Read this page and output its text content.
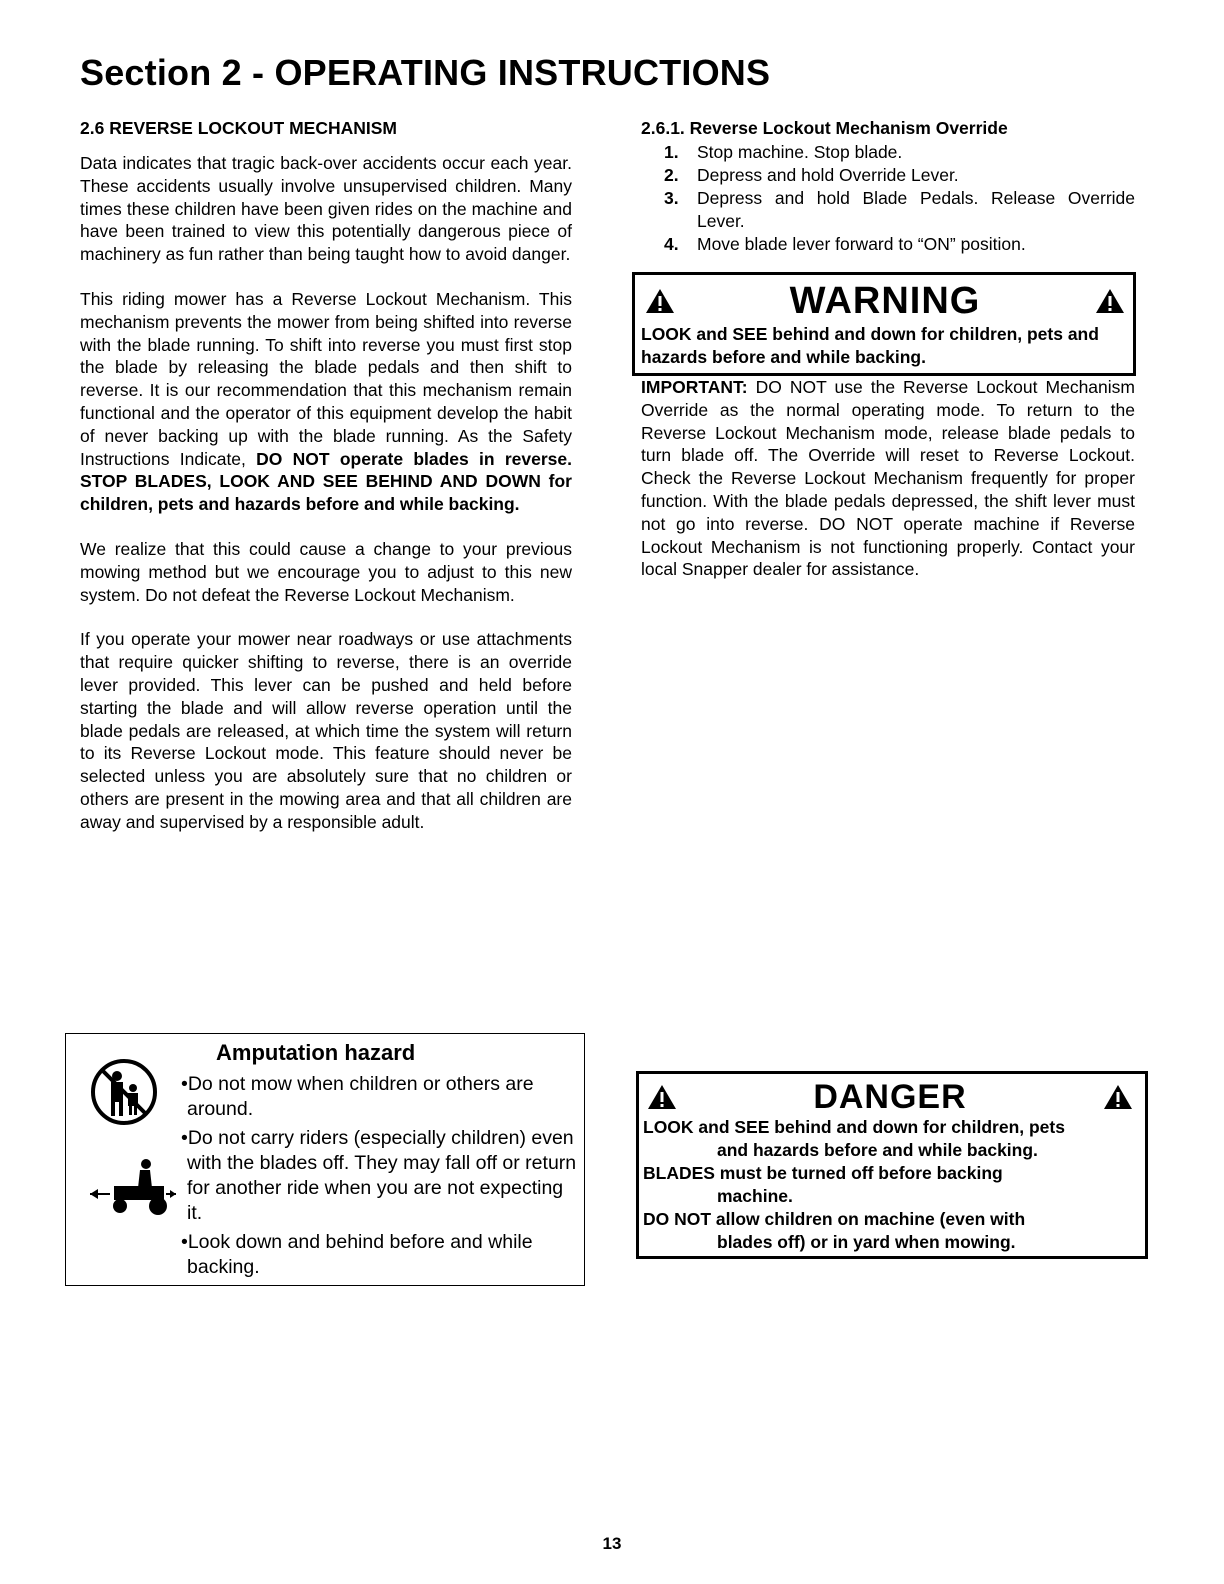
Section 2 - OPERATING INSTRUCTIONS
2.6 REVERSE LOCKOUT MECHANISM

Data indicates that tragic back-over accidents occur each year. These accidents usually involve unsupervised children. Many times these children have been given rides on the machine and have been trained to view this potentially dangerous piece of machinery as fun rather than being taught how to avoid danger.

This riding mower has a Reverse Lockout Mechanism. This mechanism prevents the mower from being shifted into reverse with the blade running. To shift into reverse you must first stop the blade by releasing the blade pedals and then shift to reverse. It is our recommendation that this mechanism remain functional and the operator of this equipment develop the habit of never backing up with the blade running. As the Safety Instructions Indicate, DO NOT operate blades in reverse. STOP BLADES, LOOK AND SEE BEHIND AND DOWN for children, pets and hazards before and while backing.

We realize that this could cause a change to your previous mowing method but we encourage you to adjust to this new system. Do not defeat the Reverse Lockout Mechanism.

If you operate your mower near roadways or use attachments that require quicker shifting to reverse, there is an override lever provided. This lever can be pushed and held before starting the blade and will allow reverse operation until the blade pedals are released, at which time the system will return to its Reverse Lockout mode. This feature should never be selected unless you are absolutely sure that no children or others are present in the mowing area and that all children are away and supervised by a responsible adult.

2.6.1. Reverse Lockout Mechanism Override
1. Stop machine. Stop blade.
2. Depress and hold Override Lever.
3. Depress and hold Blade Pedals. Release Override Lever.
4. Move blade lever forward to “ON” position.
WARNING
LOOK and SEE behind and down for children, pets and hazards before and while backing.

IMPORTANT: DO NOT use the Reverse Lockout Mechanism Override as the normal operating mode. To return to the Reverse Lockout Mechanism mode, release blade pedals to turn blade off. The Override will reset to Reverse Lockout. Check the Reverse Lockout Mechanism frequently for proper function. With the blade pedals depressed, the shift lever must not go into reverse. DO NOT operate machine if Reverse Lockout Mechanism is not functioning properly. Contact your local Snapper dealer for assistance.

Amputation hazard
•Do not mow when children or others are around.
•Do not carry riders (especially children) even with the blades off. They may fall off or return for another ride when you are not expecting it.
•Look down and behind before and while backing.
DANGER
LOOK and SEE behind and down for children, pets
and hazards before and while backing.
BLADES must be turned off before backing
machine.
DO NOT allow children on machine (even with
blades off) or in yard when mowing.
13
